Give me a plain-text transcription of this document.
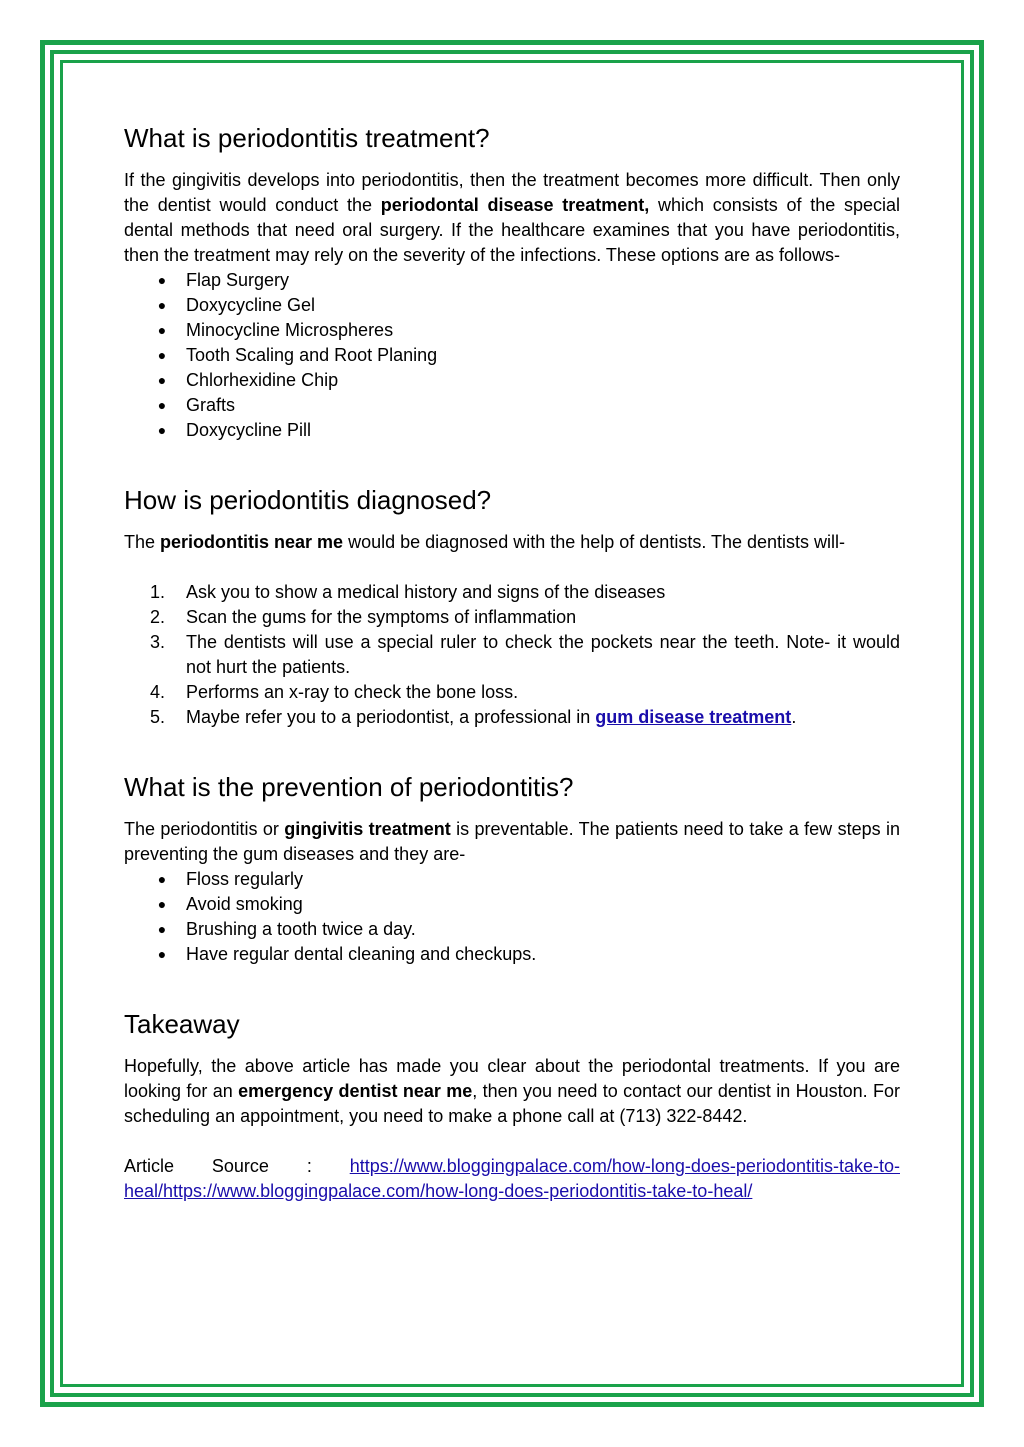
What is periodontitis treatment?

If the gingivitis develops into periodontitis, then the treatment becomes more difficult. Then only the dentist would conduct the periodontal disease treatment, which consists of the special dental methods that need oral surgery. If the healthcare examines that you have periodontitis, then the treatment may rely on the severity of the infections. These options are as follows-

●	Flap Surgery
●	Doxycycline Gel
●	Minocycline Microspheres
●	Tooth Scaling and Root Planing
●	Chlorhexidine Chip
●	Grafts
●	Doxycycline Pill
How is periodontitis diagnosed?

The periodontitis near me would be diagnosed with the help of dentists. The dentists will-

1.	Ask you to show a medical history and signs of the diseases
2.	Scan the gums for the symptoms of inflammation
3.	The dentists will use a special ruler to check the pockets near the teeth. Note- it would not hurt the patients.
4.	Performs an x-ray to check the bone loss.
5.	Maybe refer you to a periodontist, a professional in gum disease treatment.
What is the prevention of periodontitis?

The periodontitis or gingivitis treatment is preventable. The patients need to take a few steps in preventing the gum diseases and they are-

●	Floss regularly
●	Avoid smoking
●	Brushing a tooth twice a day.
●	Have regular dental cleaning and checkups.
Takeaway

Hopefully, the above article has made you clear about the periodontal treatments. If you are looking for an emergency dentist near me, then you need to contact our dentist in Houston. For scheduling an appointment, you need to make a phone call at (713) 322-8442.

Article Source : https://www.bloggingpalace.com/how-long-does-periodontitis-take-to-

heal/https://www.bloggingpalace.com/how-long-does-periodontitis-take-to-heal/
